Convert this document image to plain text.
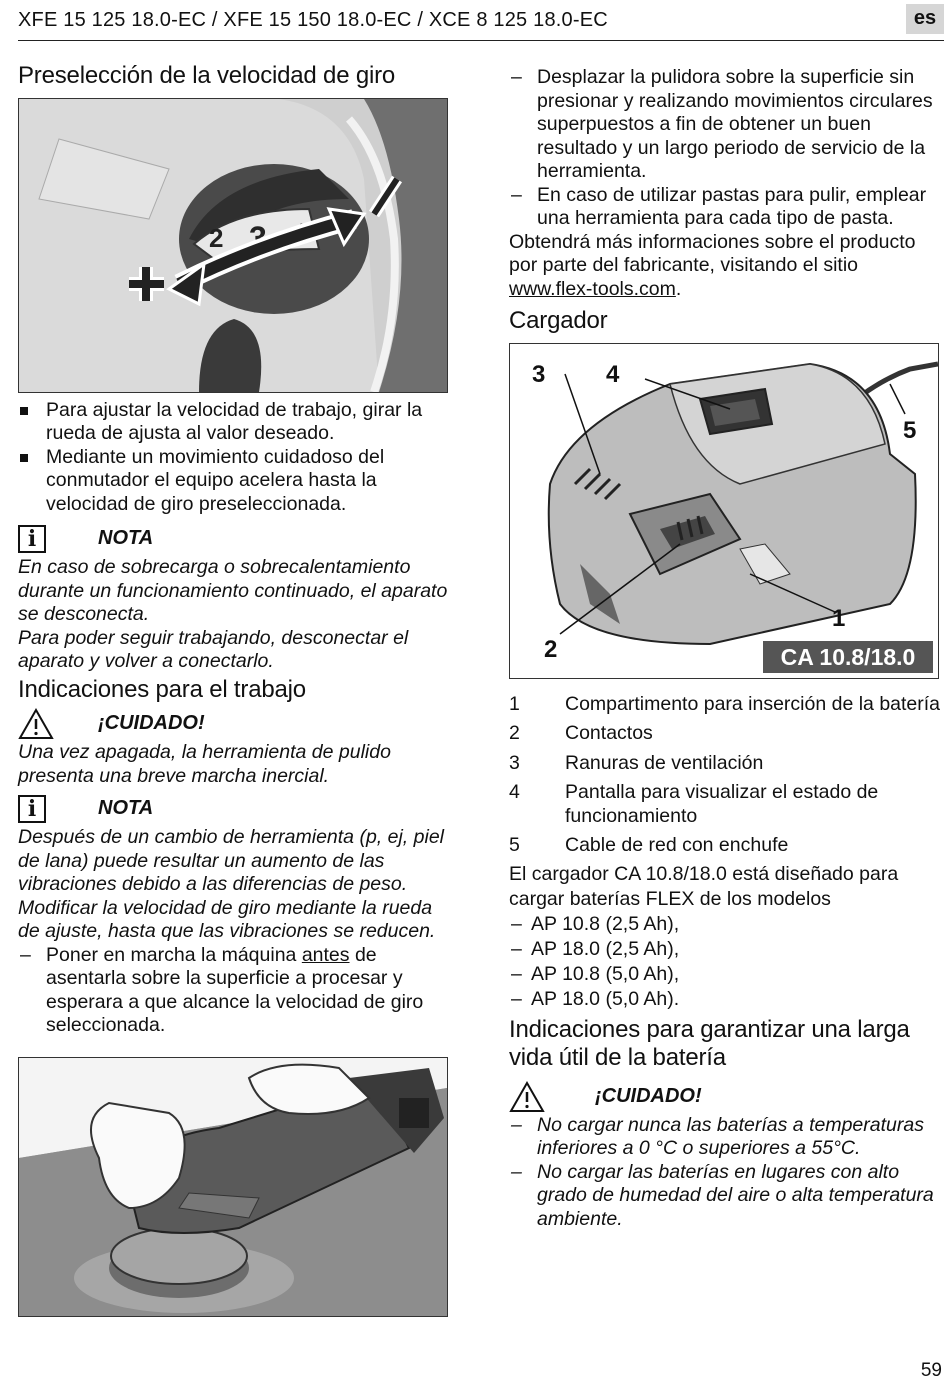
XFE 15 125 18.0-EC / XFE 15 150 18.0-EC / XCE 8 125 18.0-EC	es
Preselección de la velocidad de giro
2 3 4

Para ajustar la velocidad de trabajo, girar la rueda de ajusta al valor deseado.

Mediante un movimiento cuidadoso del conmutador el equipo acelera hasta la velocidad de giro preseleccionada.

i
NOTA

En caso de sobrecarga o sobrecalentamiento durante un funcionamiento continuado, el aparato se desconecta.

Para poder seguir trabajando, desconectar el aparato y volver a conectarlo.

Indicaciones para el trabajo
¡CUIDADO!

Una vez apagada, la herramienta de pulido presenta una breve marcha inercial.

i
NOTA

Después de un cambio de herramienta (p, ej, piel de lana) puede resultar un aumento de las vibraciones debido a las diferencias de peso. Modificar la velocidad de giro mediante la rueda de ajuste, hasta que las vibraciones se reducen.

– Poner en marcha la máquina antes de asentarla sobre la superficie a procesar y esperara a que alcance la velocidad de giro seleccionada.

– Desplazar la pulidora sobre la superficie sin presionar y realizando movimientos circulares superpuestos a fin de obtener un buen resultado y un largo periodo de servicio de la herramienta.

– En caso de utilizar pastas para pulir, emplear una herramienta para cada tipo de pasta.

Obtendrá más informaciones sobre el producto por parte del fabricante, visitando el sitio www.flex-tools.com.

Cargador
3	4
5
1
2	CA 10.8/18.0
1	Compartimento para inserción de la batería
2	Contactos
3	Ranuras de ventilación
4	Pantalla para visualizar el estado de funcionamiento
5	Cable de red con enchufe

El cargador CA 10.8/18.0 está diseñado para cargar baterías FLEX de los modelos

– AP 10.8 (2,5 Ah),

– AP 18.0 (2,5 Ah),

– AP 10.8 (5,0 Ah),

– AP 18.0 (5,0 Ah).

Indicaciones para garantizar una larga vida útil de la batería
¡CUIDADO!

– No cargar nunca las baterías a temperaturas inferiores a 0 °C o superiores a 55°C.

– No cargar las baterías en lugares con alto grado de humedad del aire o alta temperatura ambiente.

59
